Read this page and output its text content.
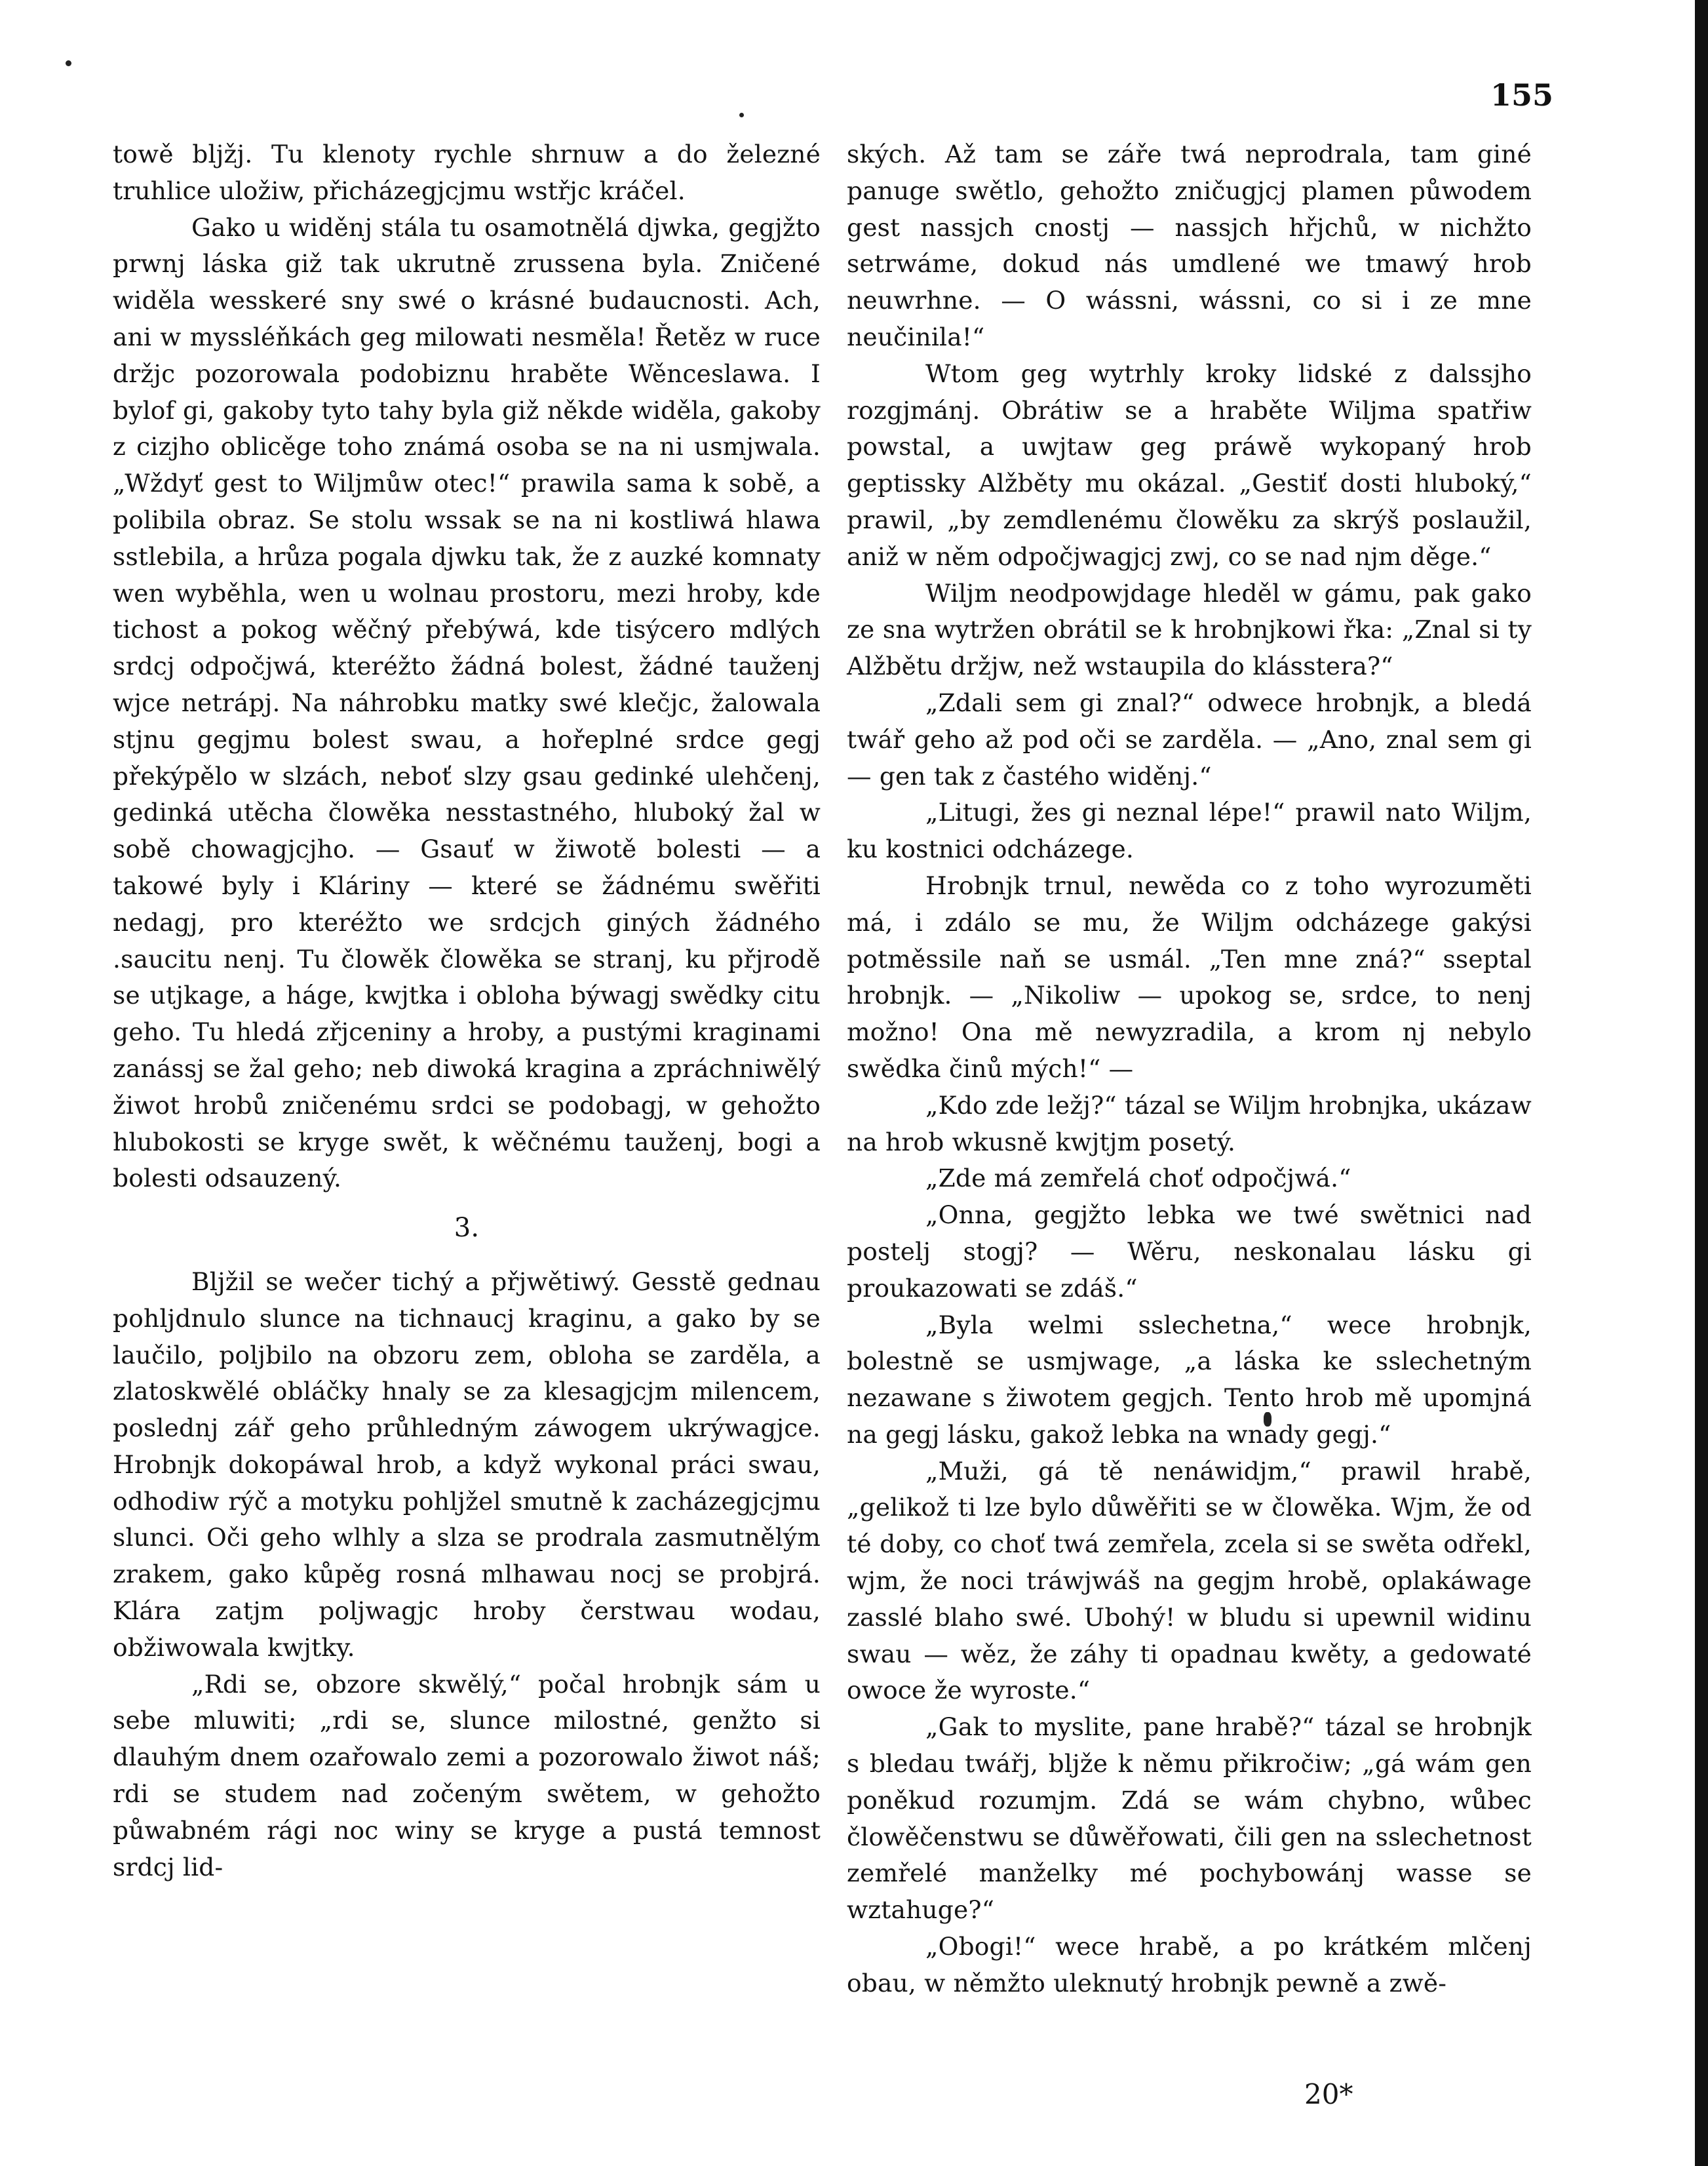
155

towě bljžj. Tu klenoty rychle shrnuw a do železné truhlice uložiw, přicházegjcjmu wstřjc kráčel.

Gako u widěnj stála tu osamotnělá djwka, gegjžto prwnj láska giž tak ukrutně zrussena byla. Zničené widěla wesskeré sny swé o krásné budaucnosti. Ach, ani w myssléňkách geg milowati nesměla! Řetěz w ruce držjc pozorowala podobiznu hraběte Wěnceslawa. I bylof gi, gakoby tyto tahy byla giž někde widěla, gakoby z cizjho oblicěge toho známá osoba se na ni usmjwala. „Wždyť gest to Wiljmůw otec!“ prawila sama k sobě, a polibila obraz. Se stolu wssak se na ni kostliwá hlawa sstlebila, a hrůza pogala djwku tak, že z auzké komnaty wen wyběhla, wen u wolnau prostoru, mezi hroby, kde tichost a pokog wěčný přebýwá, kde tisýcero mdlých srdcj odpočjwá, kteréžto žádná bolest, žádné tauženj wjce netrápj. Na náhrobku matky swé klečjc, žalowala stjnu gegjmu bolest swau, a hořeplné srdce gegj překýpělo w slzách, neboť slzy gsau gedinké ulehčenj, gedinká utěcha člowěka nesstastného, hluboký žal w sobě chowagjcjho. — Gsauť w žiwotě bolesti — a takowé byly i Kláriny — které se žádnému swěřiti nedagj, pro kteréžto we srdcjch giných žádného .saucitu nenj. Tu člowěk člowěka se stranj, ku přjrodě se utjkage, a háge, kwjtka i obloha býwagj swědky citu geho. Tu hledá zřjceniny a hroby, a pustými kraginami zanássj se žal geho; neb diwoká kragina a zpráchniwělý žiwot hrobů zničenému srdci se podobagj, w gehožto hlubokosti se kryge swět, k wěčnému tauženj, bogi a bolesti odsauzený.

3.

Bljžil se wečer tichý a přjwětiwý. Gesstě gednau pohljdnulo slunce na tichnaucj kraginu, a gako by se laučilo, poljbilo na obzoru zem, obloha se zarděla, a zlatoskwělé obláčky hnaly se za klesagjcjm milencem, poslednj zář geho průhledným záwogem ukrýwagjce. Hrobnjk dokopáwal hrob, a když wykonal práci swau, odhodiw rýč a motyku pohljžel smutně k zacházegjcjmu slunci. Oči geho wlhly a slza se prodrala zasmutnělým zrakem, gako kůpěg rosná mlhawau nocj se probjrá. Klára zatjm poljwagjc hroby čerstwau wodau, obžiwowala kwjtky.

„Rdi se, obzore skwělý,“ počal hrobnjk sám u sebe mluwiti; „rdi se, slunce milostné, genžto si dlauhým dnem ozařowalo zemi a pozorowalo žiwot náš; rdi se studem nad zočeným swětem, w gehožto půwabném rági noc winy se kryge a pustá temnost srdcj lid-

ských. Až tam se záře twá neprodrala, tam giné panuge swětlo, gehožto zničugjcj plamen půwodem gest nassjch cnostj — nassjch hřjchů, w nichžto setrwáme, dokud nás umdlené we tmawý hrob neuwrhne. — O wássni, wássni, co si i ze mne neučinila!“

Wtom geg wytrhly kroky lidské z dalssjho rozgjmánj. Obrátiw se a hraběte Wiljma spatřiw powstal, a uwjtaw geg práwě wykopaný hrob geptissky Alžběty mu okázal. „Gestiť dosti hluboký,“ prawil, „by zemdlenému člowěku za skrýš poslaužil, aniž w něm odpočjwagjcj zwj, co se nad njm děge.“

Wiljm neodpowjdage hleděl w gámu, pak gako ze sna wytržen obrátil se k hrobnjkowi řka: „Znal si ty Alžbětu držjw, než wstaupila do klásstera?“

„Zdali sem gi znal?“ odwece hrobnjk, a bledá twář geho až pod oči se zarděla. — „Ano, znal sem gi — gen tak z častého widěnj.“

„Litugi, žes gi neznal lépe!“ prawil nato Wiljm, ku kostnici odcházege.

Hrobnjk trnul, newěda co z toho wyrozuměti má, i zdálo se mu, že Wiljm odcházege gakýsi potměssile naň se usmál. „Ten mne zná?“ sseptal hrobnjk. — „Nikoliw — upokog se, srdce, to nenj možno! Ona mě newyzradila, a krom nj nebylo swědka činů mých!“ —

„Kdo zde ležj?“ tázal se Wiljm hrobnjka, ukázaw na hrob wkusně kwjtjm posetý.

„Zde má zemřelá choť odpočjwá.“

„Onna, gegjžto lebka we twé swětnici nad postelj stogj? — Wěru, neskonalau lásku gi proukazowati se zdáš.“

„Byla welmi sslechetna,“ wece hrobnjk, bolestně se usmjwage, „a láska ke sslechetným nezawane s žiwotem gegjch. Tento hrob mě upomjná na gegj lásku, gakož lebka na wnady gegj.“

„Muži, gá tě nenáwidjm,“ prawil hrabě, „gelikož ti lze bylo důwěřiti se w člowěka. Wjm, že od té doby, co choť twá zemřela, zcela si se swěta odřekl, wjm, že noci tráwjwáš na gegjm hrobě, oplakáwage zasslé blaho swé. Ubohý! w bludu si upewnil widinu swau — wěz, že záhy ti opadnau kwěty, a gedowaté owoce že wyroste.“

„Gak to myslite, pane hrabě?“ tázal se hrobnjk s bledau twářj, bljže k němu přikročiw; „gá wám gen poněkud rozumjm. Zdá se wám chybno, wůbec člowěčenstwu se důwěřowati, čili gen na sslechetnost zemřelé manželky mé pochybowánj wasse se wztahuge?“

„Obogi!“ wece hrabě, a po krátkém mlčenj obau, w němžto uleknutý hrobnjk pewně a zwě-

20*
